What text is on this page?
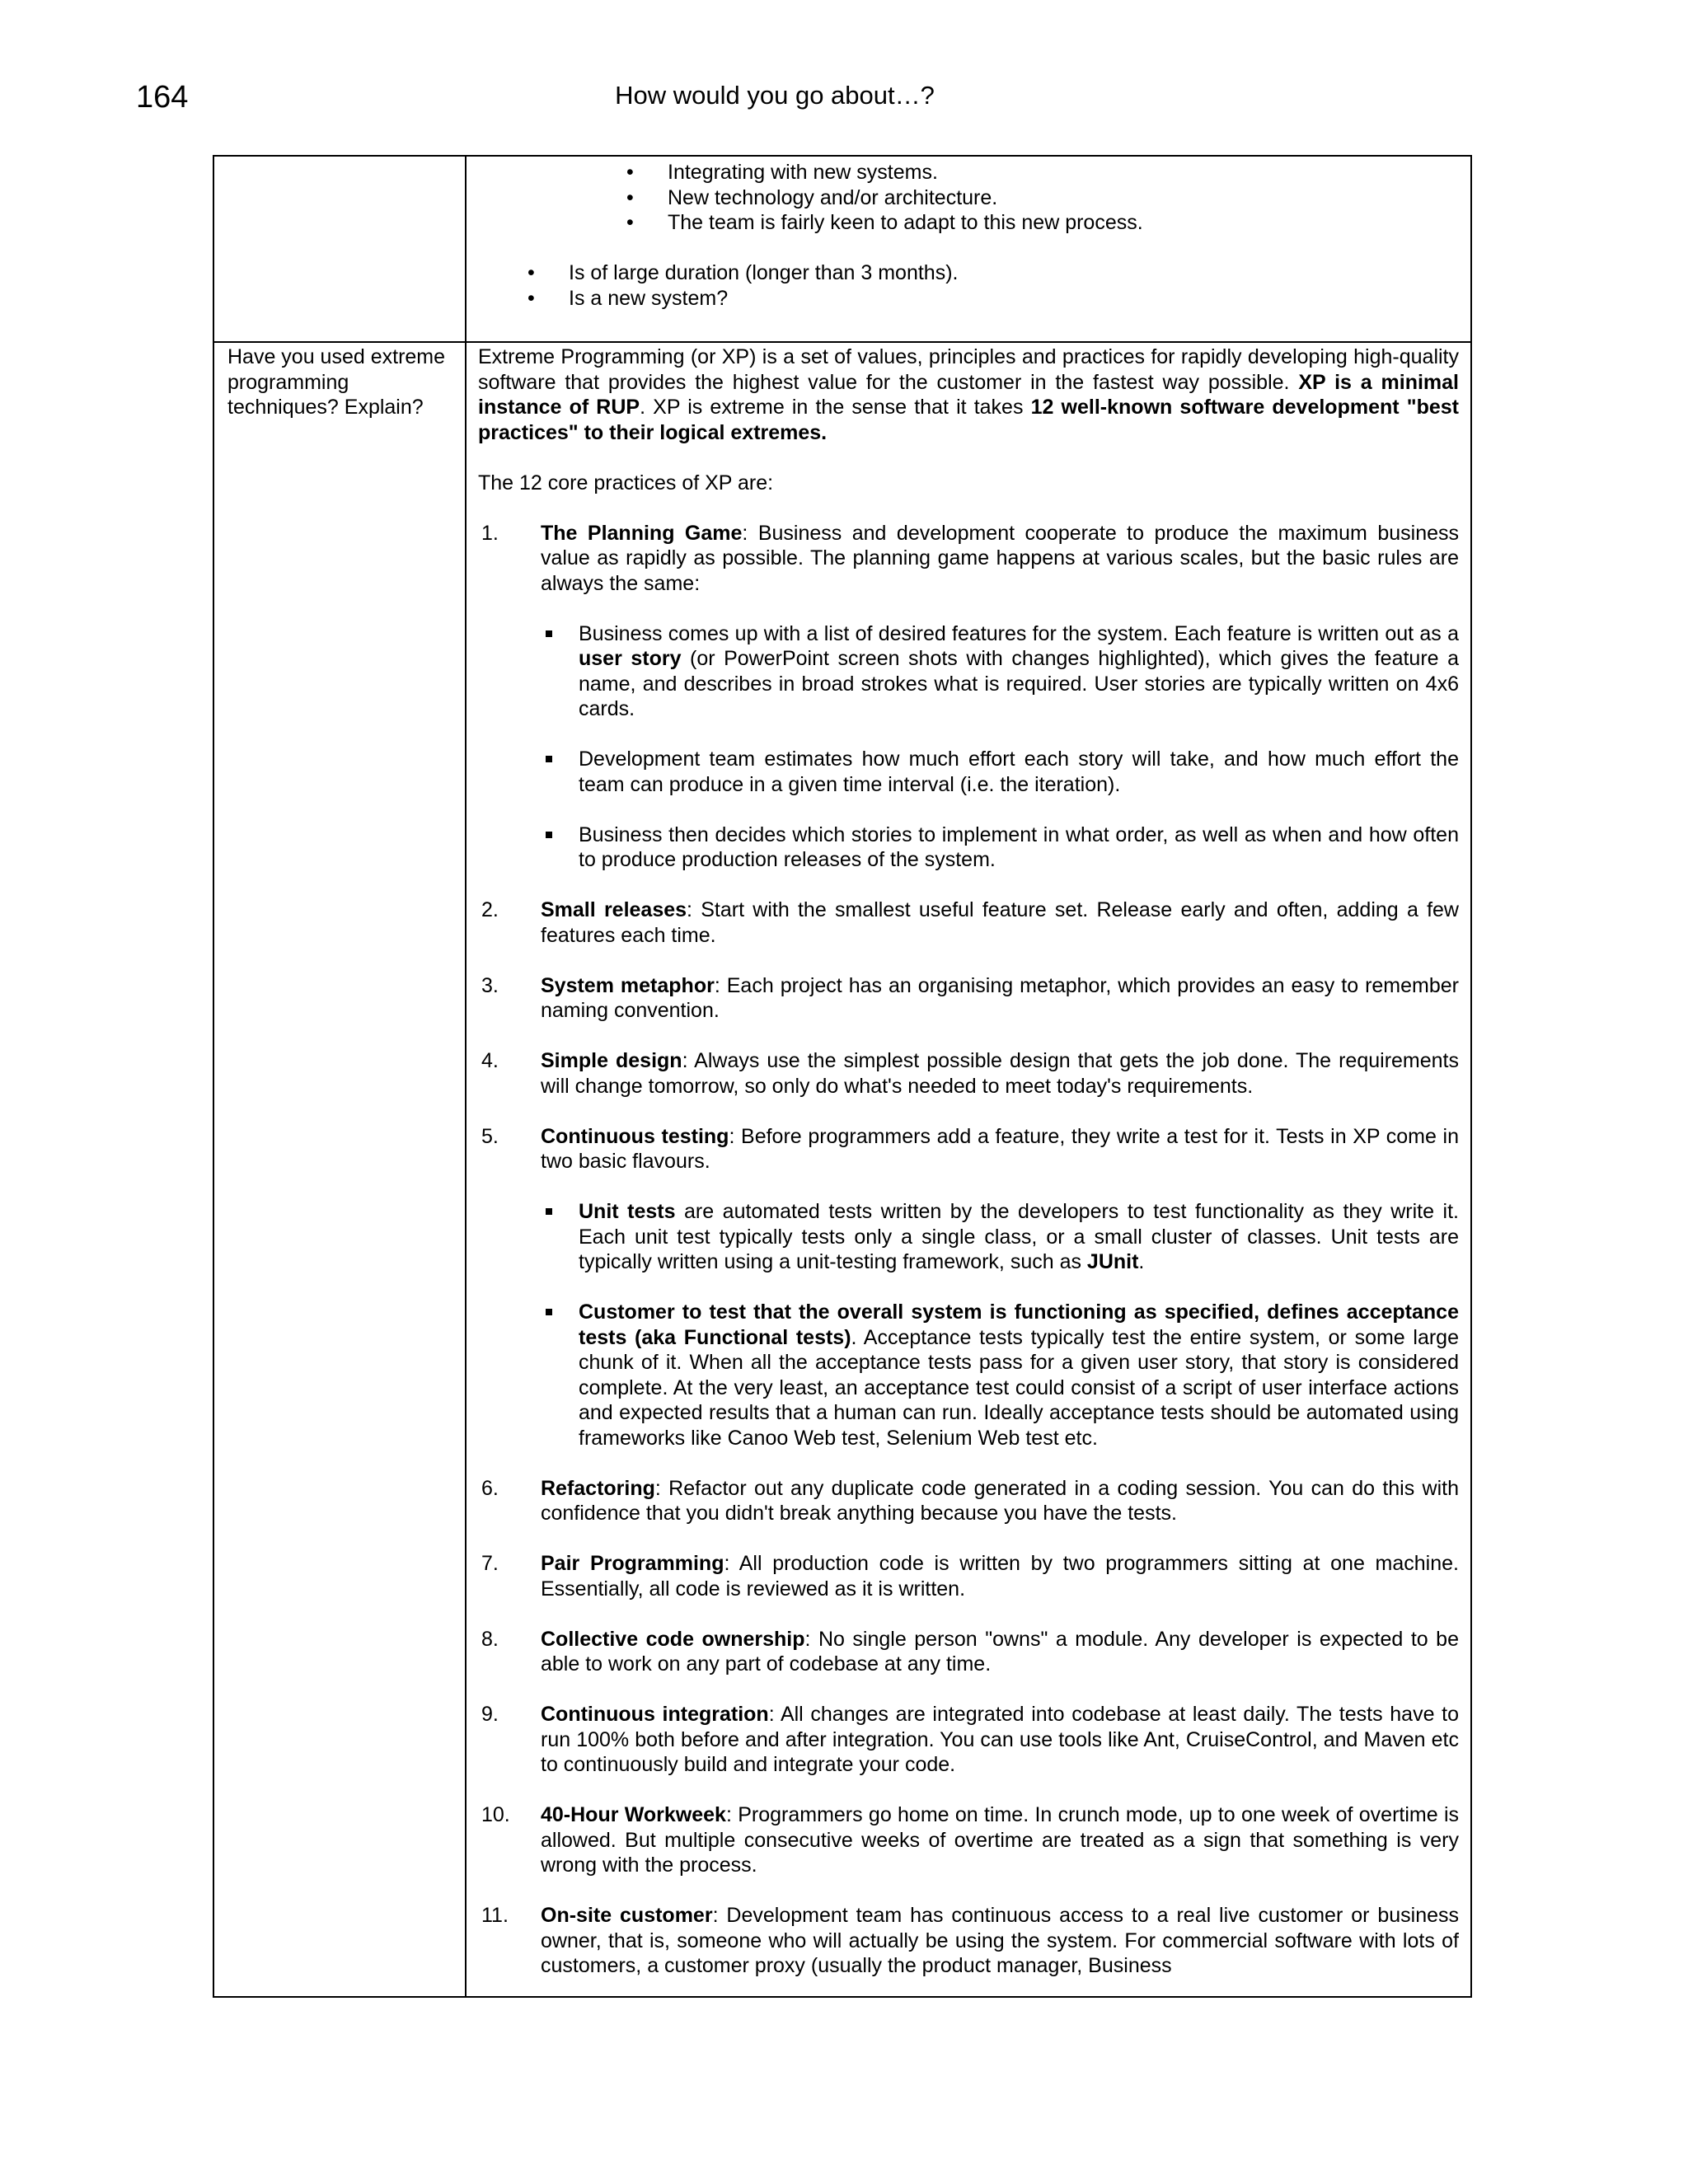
164	How would you go about…?
• Integrating with new systems.
• New technology and/or architecture.
• The team is fairly keen to adapt to this new process.
• Is of large duration (longer than 3 months).
• Is a new system?
Have you used extreme programming techniques? Explain?

Extreme Programming (or XP) is a set of values, principles and practices for rapidly developing high-quality software that provides the highest value for the customer in the fastest way possible. XP is a minimal instance of RUP. XP is extreme in the sense that it takes 12 well-known software development "best practices" to their logical extremes.

The 12 core practices of XP are:

1. The Planning Game: Business and development cooperate to produce the maximum business value as rapidly as possible. The planning game happens at various scales, but the basic rules are always the same:

Business comes up with a list of desired features for the system. Each feature is written out as a user story (or PowerPoint screen shots with changes highlighted), which gives the feature a name, and describes in broad strokes what is required. User stories are typically written on 4x6 cards.

Development team estimates how much effort each story will take, and how much effort the team can produce in a given time interval (i.e. the iteration).

Business then decides which stories to implement in what order, as well as when and how often to produce production releases of the system.

2. Small releases: Start with the smallest useful feature set. Release early and often, adding a few features each time.

3. System metaphor: Each project has an organising metaphor, which provides an easy to remember naming convention.

4. Simple design: Always use the simplest possible design that gets the job done. The requirements will change tomorrow, so only do what's needed to meet today's requirements.

5. Continuous testing: Before programmers add a feature, they write a test for it. Tests in XP come in two basic flavours.

Unit tests are automated tests written by the developers to test functionality as they write it. Each unit test typically tests only a single class, or a small cluster of classes. Unit tests are typically written using a unit-testing framework, such as JUnit.

Customer to test that the overall system is functioning as specified, defines acceptance tests (aka Functional tests). Acceptance tests typically test the entire system, or some large chunk of it. When all the acceptance tests pass for a given user story, that story is considered complete. At the very least, an acceptance test could consist of a script of user interface actions and expected results that a human can run. Ideally acceptance tests should be automated using frameworks like Canoo Web test, Selenium Web test etc.

6. Refactoring: Refactor out any duplicate code generated in a coding session. You can do this with confidence that you didn't break anything because you have the tests.

7. Pair Programming: All production code is written by two programmers sitting at one machine. Essentially, all code is reviewed as it is written.

8. Collective code ownership: No single person "owns" a module. Any developer is expected to be able to work on any part of codebase at any time.

9. Continuous integration: All changes are integrated into codebase at least daily. The tests have to run 100% both before and after integration. You can use tools like Ant, CruiseControl, and Maven etc to continuously build and integrate your code.

10. 40-Hour Workweek: Programmers go home on time. In crunch mode, up to one week of overtime is allowed. But multiple consecutive weeks of overtime are treated as a sign that something is very wrong with the process.

11. On-site customer: Development team has continuous access to a real live customer or business owner, that is, someone who will actually be using the system. For commercial software with lots of customers, a customer proxy (usually the product manager, Business
